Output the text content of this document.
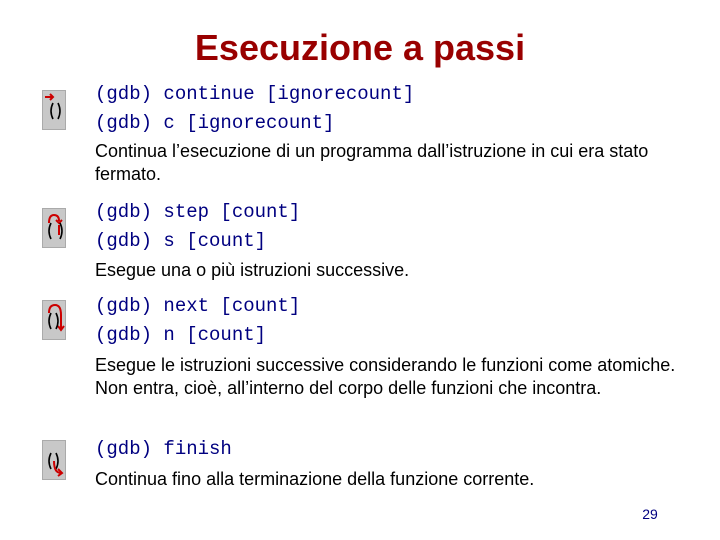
Esecuzione a passi
(gdb) continue [ignorecount]
(gdb) c [ignorecount]
Continua l’esecuzione di un programma dall’istruzione in cui era stato fermato.
(gdb) step [count]
(gdb) s [count]
Esegue una o più istruzioni successive.
(gdb) next [count]
(gdb) n [count]
Esegue le istruzioni successive considerando le funzioni come atomiche. Non entra, cioè, all’interno del corpo delle funzioni che incontra.
(gdb) finish
Continua fino alla terminazione della funzione corrente.
29
